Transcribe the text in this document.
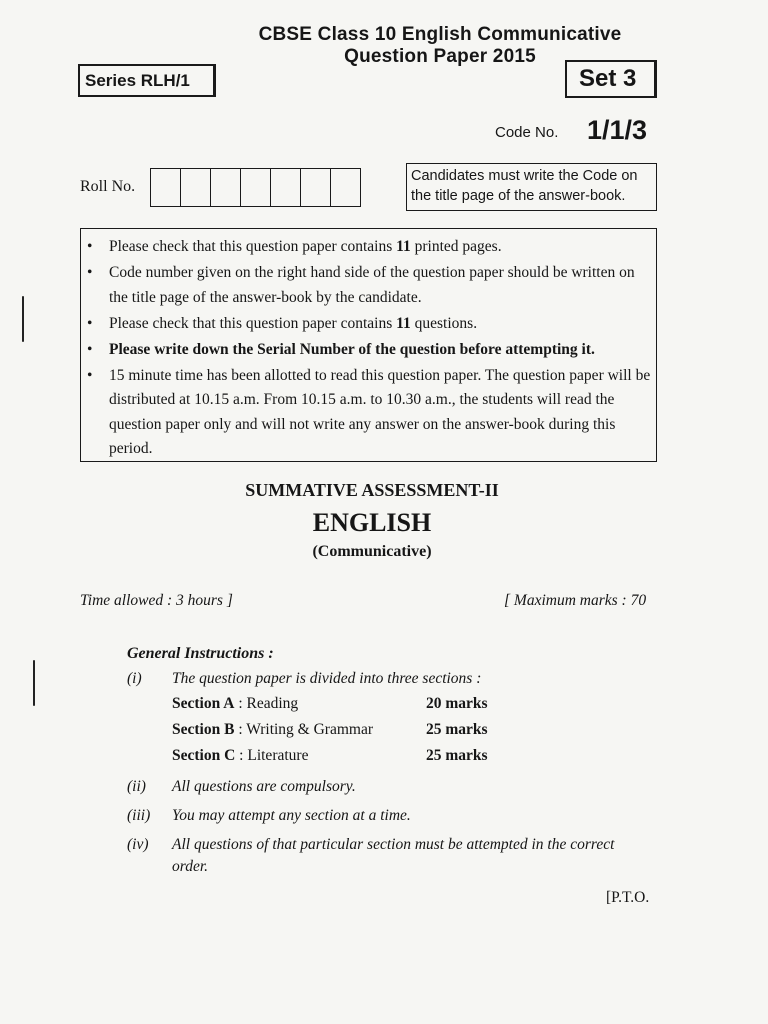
CBSE Class 10 English Communicative
Question Paper 2015
Series RLH/1	Set 3
Code No. 1/1/3
Roll No.
Candidates must write the Code on the title page of the answer-book.
• Please check that this question paper contains 11 printed pages.
• Code number given on the right hand side of the question paper should be written on the title page of the answer-book by the candidate.
• Please check that this question paper contains 11 questions.
• Please write down the Serial Number of the question before attempting it.
• 15 minute time has been allotted to read this question paper. The question paper will be distributed at 10.15 a.m. From 10.15 a.m. to 10.30 a.m., the students will read the question paper only and will not write any answer on the answer-book during this period.
SUMMATIVE ASSESSMENT-II
ENGLISH
(Communicative)
Time allowed : 3 hours ]	[ Maximum marks : 70
General Instructions :
(i)	The question paper is divided into three sections :
Section A : Reading	20 marks
Section B : Writing & Grammar	25 marks
Section C : Literature	25 marks
(ii)	All questions are compulsory.
(iii)	You may attempt any section at a time.
(iv)	All questions of that particular section must be attempted in the correct order.
[P.T.O.
